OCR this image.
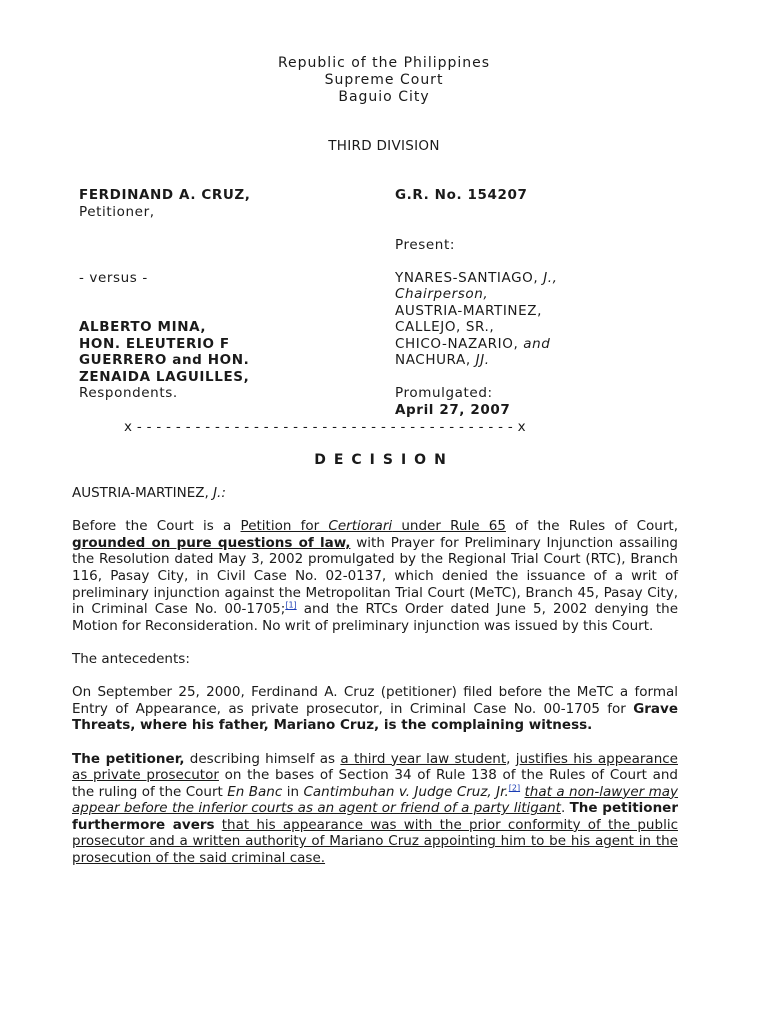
Republic of the Philippines
Supreme Court
Baguio City
THIRD DIVISION
FERDINAND A. CRUZ,
Petitioner,
- versus -
ALBERTO MINA,
HON. ELEUTERIO F
GUERRERO and HON.
ZENAIDA LAGUILLES,
Respondents.
G.R. No. 154207
Present:
YNARES-SANTIAGO, J.,
Chairperson,
AUSTRIA-MARTINEZ,
CALLEJO, SR.,
CHICO-NAZARIO, and
NACHURA, JJ.
Promulgated:
April 27, 2007
x - - - - - - - - - - - - - - - - - - - - - - - - - - - - - - - - - - - - - - - x
DECISION

AUSTRIA-MARTINEZ, J.:

Before the Court is a Petition for Certiorari under Rule 65 of the Rules of Court, grounded on pure questions of law, with Prayer for Preliminary Injunction assailing the Resolution dated May 3, 2002 promulgated by the Regional Trial Court (RTC), Branch 116, Pasay City, in Civil Case No. 02-0137, which denied the issuance of a writ of preliminary injunction against the Metropolitan Trial Court (MeTC), Branch 45, Pasay City, in Criminal Case No. 00-1705;[1] and the RTCs Order dated June 5, 2002 denying the Motion for Reconsideration. No writ of preliminary injunction was issued by this Court.

The antecedents:

On September 25, 2000, Ferdinand A. Cruz (petitioner) filed before the MeTC a formal Entry of Appearance, as private prosecutor, in Criminal Case No. 00-1705 for Grave Threats, where his father, Mariano Cruz, is the complaining witness.

The petitioner, describing himself as a third year law student, justifies his appearance as private prosecutor on the bases of Section 34 of Rule 138 of the Rules of Court and the ruling of the Court En Banc in Cantimbuhan v. Judge Cruz, Jr.[2] that a non-lawyer may appear before the inferior courts as an agent or friend of a party litigant. The petitioner furthermore avers that his appearance was with the prior conformity of the public prosecutor and a written authority of Mariano Cruz appointing him to be his agent in the prosecution of the said criminal case.
